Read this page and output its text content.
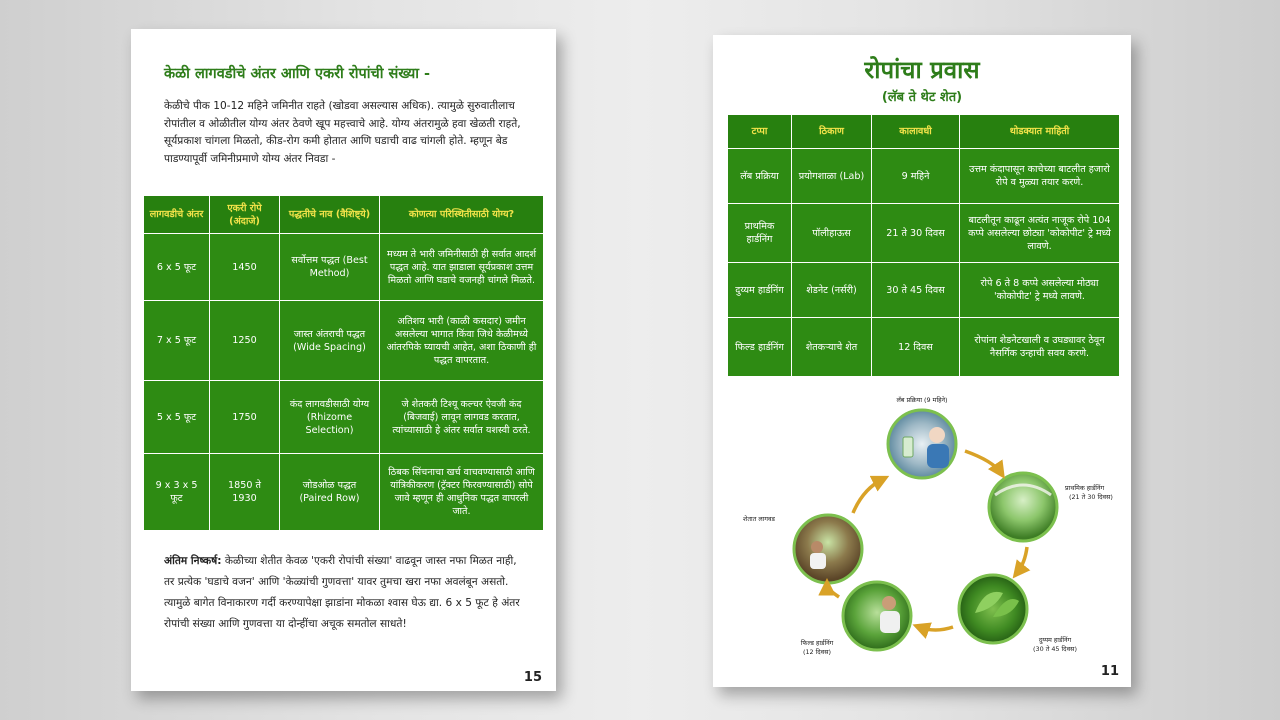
केळी लागवडीचे अंतर आणि एकरी रोपांची संख्या -

केळीचे पीक 10-12 महिने जमिनीत राहते (खोडवा असल्यास अधिक). त्यामुळे सुरुवातीलाच रोपांतील व ओळीतील योग्य अंतर ठेवणे खूप महत्त्वाचे आहे. योग्य अंतरामुळे हवा खेळती राहते, सूर्यप्रकाश चांगला मिळतो, कीड-रोग कमी होतात आणि घडाची वाढ चांगली होते. म्हणून बेड पाडण्यापूर्वी जमिनीप्रमाणे योग्य अंतर निवडा -

लागवडीचे अंतर	एकरी रोपे (अंदाजे)	पद्धतीचे नाव (वैशिष्ट्ये)	कोणत्या परिस्थितीसाठी योग्य?
6 x 5 फूट	1450	सर्वोत्तम पद्धत (Best Method)	मध्यम ते भारी जमिनीसाठी ही सर्वात आदर्श पद्धत आहे. यात झाडाला सूर्यप्रकाश उत्तम मिळतो आणि घडाचे वजनही चांगले मिळते.
7 x 5 फूट	1250	जास्त अंतराची पद्धत (Wide Spacing)	अतिशय भारी (काळी कसदार) जमीन असलेल्या भागात किंवा जिथे केळीमध्ये आंतरपिके घ्यायची आहेत, अशा ठिकाणी ही पद्धत वापरतात.
5 x 5 फूट	1750	कंद लागवडीसाठी योग्य (Rhizome Selection)	जे शेतकरी टिश्यू कल्चर ऐवजी कंद (बिजवाई) लावून लागवड करतात, त्यांच्यासाठी हे अंतर सर्वात यशस्वी ठरते.
9 x 3 x 5 फूट	1850 ते 1930	जोडओळ पद्धत (Paired Row)	ठिबक सिंचनाचा खर्च वाचवण्यासाठी आणि यांत्रिकीकरण (ट्रॅक्टर फिरवण्यासाठी) सोपे जावे म्हणून ही आधुनिक पद्धत वापरली जाते.

अंतिम निष्कर्ष: केळीच्या शेतीत केवळ 'एकरी रोपांची संख्या' वाढवून जास्त नफा मिळत नाही, तर प्रत्येक 'घडाचे वजन' आणि 'केळ्यांची गुणवत्ता' यावर तुमचा खरा नफा अवलंबून असतो. त्यामुळे बागेत विनाकारण गर्दी करण्यापेक्षा झाडांना मोकळा श्वास घेऊ द्या. 6 x 5 फूट हे अंतर रोपांची संख्या आणि गुणवत्ता या दोन्हींचा अचूक समतोल साधते!

15
रोपांचा प्रवास
(लॅब ते थेट शेत)
टप्पा	ठिकाण	कालावधी	थोडक्यात माहिती
लॅब प्रक्रिया	प्रयोगशाळा (Lab)	9 महिने	उत्तम कंदापासून काचेच्या बाटलीत हजारो रोपे व मुळ्या तयार करणे.
प्राथमिक हार्डनिंग	पॉलीहाऊस	21 ते 30 दिवस	बाटलीतून काढून अत्यंत नाजूक रोपे 104 कप्पे असलेल्या छोट्या 'कोकोपीट' ट्रे मध्ये लावणे.
दुय्यम हार्डनिंग	शेडनेट (नर्सरी)	30 ते 45 दिवस	रोपे 6 ते 8 कप्पे असलेल्या मोठ्या 'कोकोपीट' ट्रे मध्ये लावणे.
फिल्ड हार्डनिंग	शेतकऱ्याचे शेत	12 दिवस	रोपांना शेडनेटखाली व उघड्यावर ठेवून नैसर्गिक उन्हाची सवय करणे.
लॅब प्रक्रिया (9 महिने)
प्राथमिक हार्डनिंग
(21 ते 30 दिवस)
दुय्यम हार्डनिंग
(30 ते 45 दिवस)
फिल्ड हार्डनिंग
(12 दिवस)
शेतात लागवड
11
